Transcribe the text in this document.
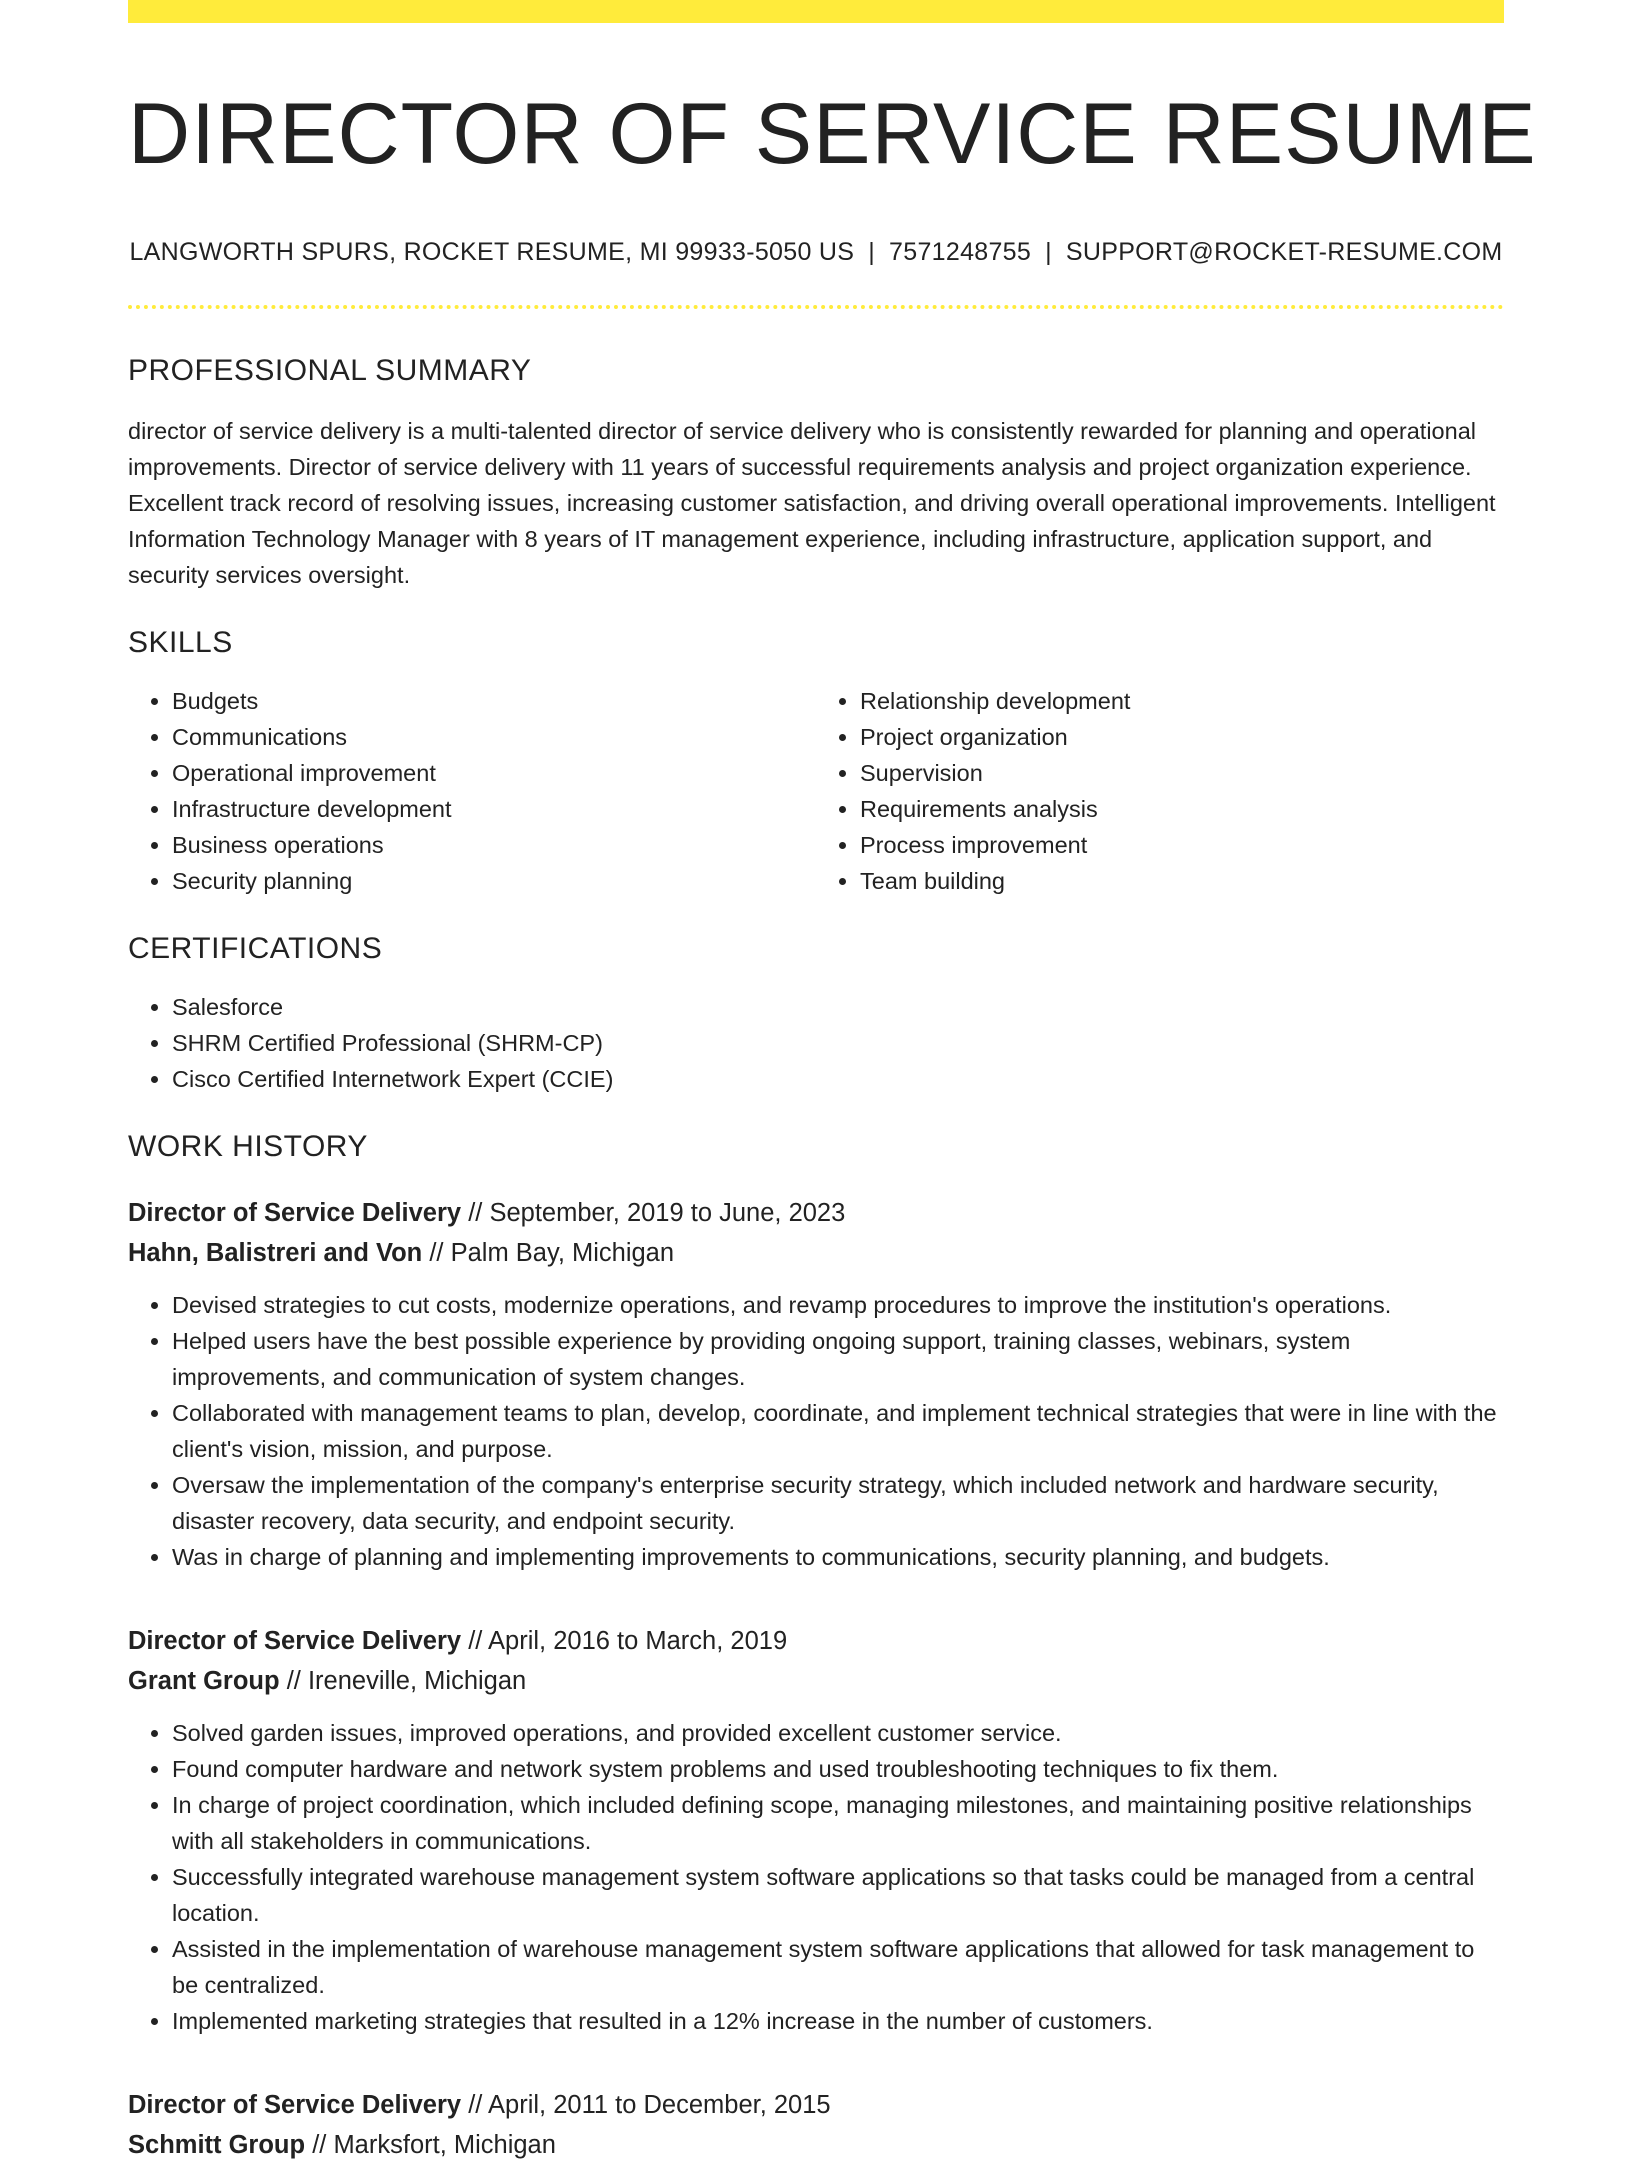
DIRECTOR OF SERVICE RESUME
LANGWORTH SPURS, ROCKET RESUME, MI 99933-5050 US | 7571248755 | SUPPORT@ROCKET-RESUME.COM
PROFESSIONAL SUMMARY
director of service delivery is a multi-talented director of service delivery who is consistently rewarded for planning and operational improvements. Director of service delivery with 11 years of successful requirements analysis and project organization experience. Excellent track record of resolving issues, increasing customer satisfaction, and driving overall operational improvements. Intelligent Information Technology Manager with 8 years of IT management experience, including infrastructure, application support, and security services oversight.
SKILLS
• Budgets
• Communications
• Operational improvement
• Infrastructure development
• Business operations
• Security planning
• Relationship development
• Project organization
• Supervision
• Requirements analysis
• Process improvement
• Team building
CERTIFICATIONS
• Salesforce
• SHRM Certified Professional (SHRM-CP)
• Cisco Certified Internetwork Expert (CCIE)
WORK HISTORY
Director of Service Delivery // September, 2019 to June, 2023
Hahn, Balistreri and Von // Palm Bay, Michigan
• Devised strategies to cut costs, modernize operations, and revamp procedures to improve the institution's operations.
• Helped users have the best possible experience by providing ongoing support, training classes, webinars, system improvements, and communication of system changes.
• Collaborated with management teams to plan, develop, coordinate, and implement technical strategies that were in line with the client's vision, mission, and purpose.
• Oversaw the implementation of the company's enterprise security strategy, which included network and hardware security, disaster recovery, data security, and endpoint security.
• Was in charge of planning and implementing improvements to communications, security planning, and budgets.
Director of Service Delivery // April, 2016 to March, 2019
Grant Group // Ireneville, Michigan
• Solved garden issues, improved operations, and provided excellent customer service.
• Found computer hardware and network system problems and used troubleshooting techniques to fix them.
• In charge of project coordination, which included defining scope, managing milestones, and maintaining positive relationships with all stakeholders in communications.
• Successfully integrated warehouse management system software applications so that tasks could be managed from a central location.
• Assisted in the implementation of warehouse management system software applications that allowed for task management to be centralized.
• Implemented marketing strategies that resulted in a 12% increase in the number of customers.
Director of Service Delivery // April, 2011 to December, 2015
Schmitt Group // Marksfort, Michigan
